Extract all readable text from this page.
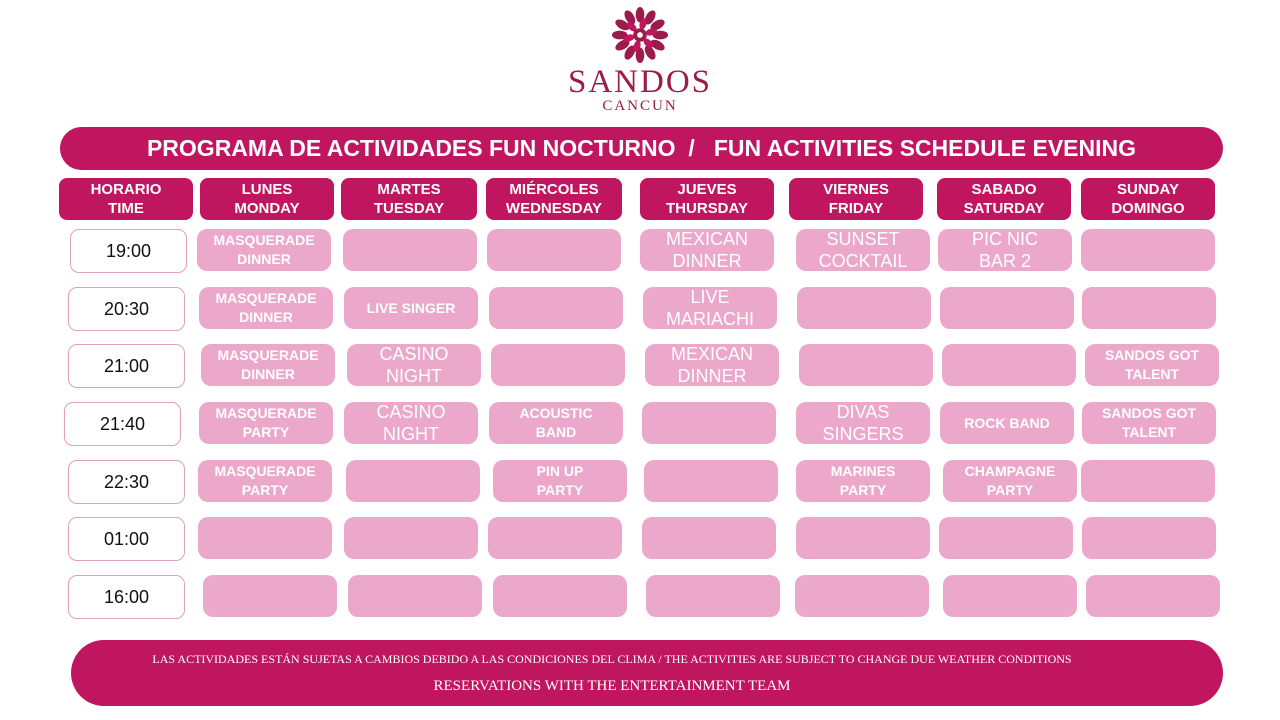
SANDOS
CANCUN
PROGRAMA DE ACTIVIDADES FUN NOCTURNO  /   FUN ACTIVITIES SCHEDULE EVENING
HORARIO
TIME
LUNES
MONDAY
MARTES
TUESDAY
MIÉRCOLES
WEDNESDAY
JUEVES
THURSDAY
VIERNES
FRIDAY
SABADO
SATURDAY
SUNDAY
DOMINGO
19:00
MASQUERADE
DINNER
MEXICAN
DINNER
SUNSET
COCKTAIL
PIC NIC
BAR 2
20:30
MASQUERADE
DINNER
LIVE SINGER
LIVE
MARIACHI
21:00
MASQUERADE
DINNER
CASINO
NIGHT
MEXICAN
DINNER
SANDOS GOT
TALENT
21:40
MASQUERADE
PARTY
CASINO
NIGHT
ACOUSTIC
BAND
DIVAS
SINGERS
ROCK BAND
SANDOS GOT
TALENT
22:30
MASQUERADE
PARTY
PIN UP
PARTY
MARINES
PARTY
CHAMPAGNE
PARTY
01:00
16:00
LAS ACTIVIDADES ESTÁN SUJETAS A CAMBIOS DEBIDO A LAS CONDICIONES DEL CLIMA / THE ACTIVITIES ARE SUBJECT TO CHANGE DUE WEATHER CONDITIONS
RESERVATIONS WITH THE ENTERTAINMENT TEAM
